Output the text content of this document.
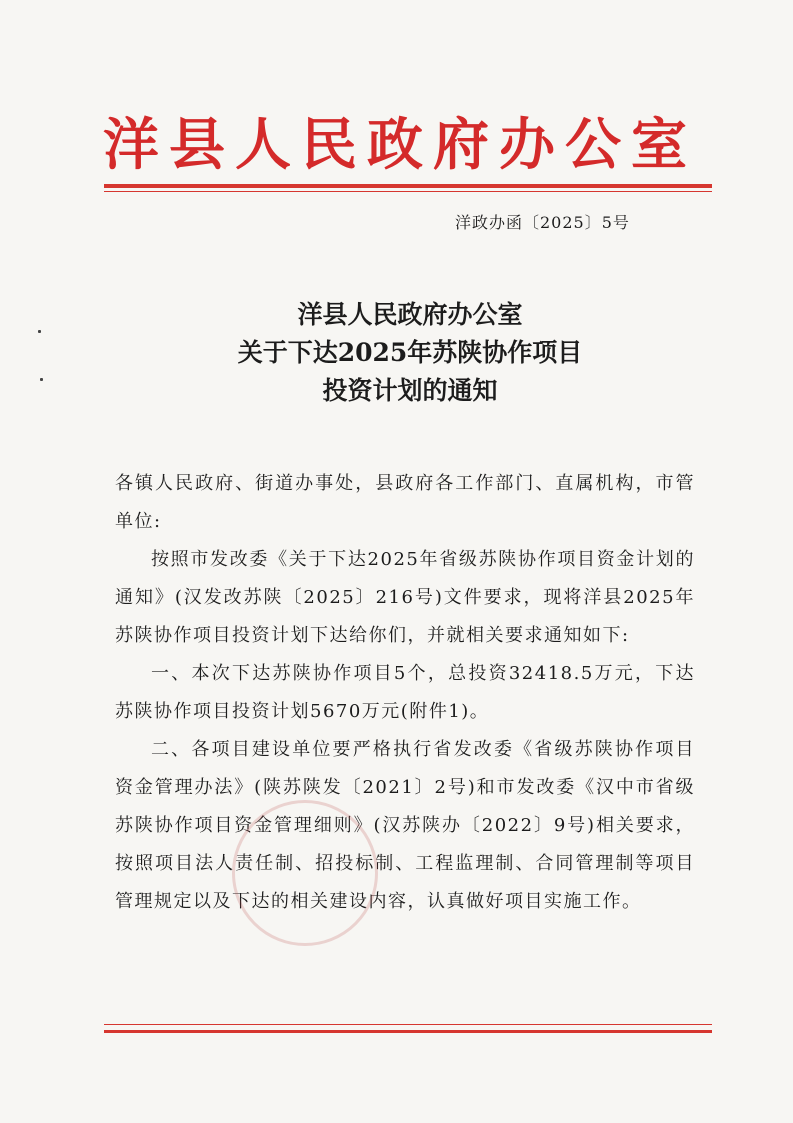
洋县人民政府办公室
洋政办函〔2025〕5号
洋县人民政府办公室
关于下达2025年苏陕协作项目
投资计划的通知

各镇人民政府、街道办事处，县政府各工作部门、直属机构，市管单位:

按照市发改委《关于下达2025年省级苏陕协作项目资金计划的通知》(汉发改苏陕〔2025〕216号)文件要求，现将洋县2025年苏陕协作项目投资计划下达给你们，并就相关要求通知如下:

一、本次下达苏陕协作项目5个，总投资32418.5万元，下达苏陕协作项目投资计划5670万元(附件1)。

二、各项目建设单位要严格执行省发改委《省级苏陕协作项目资金管理办法》(陕苏陕发〔2021〕2号)和市发改委《汉中市省级苏陕协作项目资金管理细则》(汉苏陕办〔2022〕9号)相关要求，按照项目法人责任制、招投标制、工程监理制、合同管理制等项目管理规定以及下达的相关建设内容，认真做好项目实施工作。
